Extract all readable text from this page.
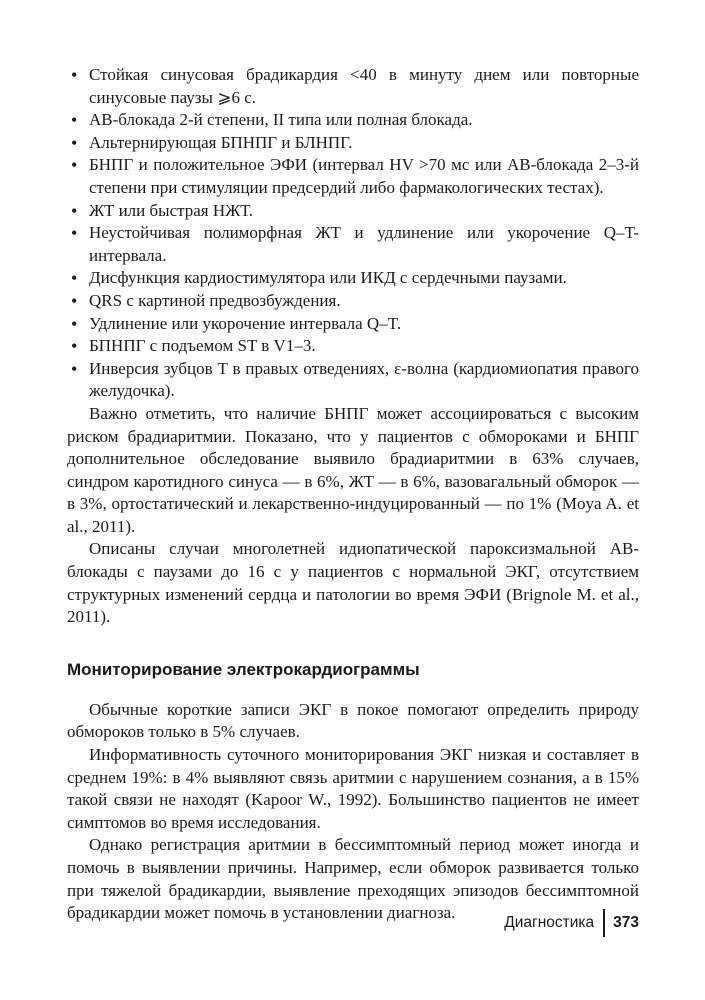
• Стойкая синусовая брадикардия <40 в минуту днем или повторные синусовые паузы ⩾6 с.
• АВ-блокада 2-й степени, II типа или полная блокада.
• Альтернирующая БПНПГ и БЛНПГ.
• БНПГ и положительное ЭФИ (интервал HV >70 мс или АВ-блокада 2–3-й степени при стимуляции предсердий либо фармакологических тестах).
• ЖТ или быстрая НЖТ.
• Неустойчивая полиморфная ЖТ и удлинение или укорочение Q–T-интервала.
• Дисфункция кардиостимулятора или ИКД с сердечными паузами.
• QRS с картиной предвозбуждения.
• Удлинение или укорочение интервала Q–T.
• БПНПГ с подъемом ST в V1–3.
• Инверсия зубцов T в правых отведениях, ε-волна (кардиомиопатия правого желудочка).

Важно отметить, что наличие БНПГ может ассоциироваться с высоким риском брадиаритмии. Показано, что у пациентов с обмороками и БНПГ дополнительное обследование выявило брадиаритмии в 63% случаев, синдром каротидного синуса — в 6%, ЖТ — в 6%, вазовагальный обморок — в 3%, ортостатический и лекарственно-индуцированный — по 1% (Moya A. et al., 2011).

Описаны случаи многолетней идиопатической пароксизмальной АВ-блокады с паузами до 16 с у пациентов с нормальной ЭКГ, отсутствием структурных изменений сердца и патологии во время ЭФИ (Brignole M. et al., 2011).

Мониторирование электрокардиограммы

Обычные короткие записи ЭКГ в покое помогают определить природу обмороков только в 5% случаев.

Информативность суточного мониторирования ЭКГ низкая и составляет в среднем 19%: в 4% выявляют связь аритмии с нарушением сознания, а в 15% такой связи не находят (Kapoor W., 1992). Большинство пациентов не имеет симптомов во время исследования.

Однако регистрация аритмии в бессимптомный период может иногда и помочь в выявлении причины. Например, если обморок развивается только при тяжелой брадикардии, выявление преходящих эпизодов бессимптомной брадикардии может помочь в установлении диагноза.

Диагностика	373
